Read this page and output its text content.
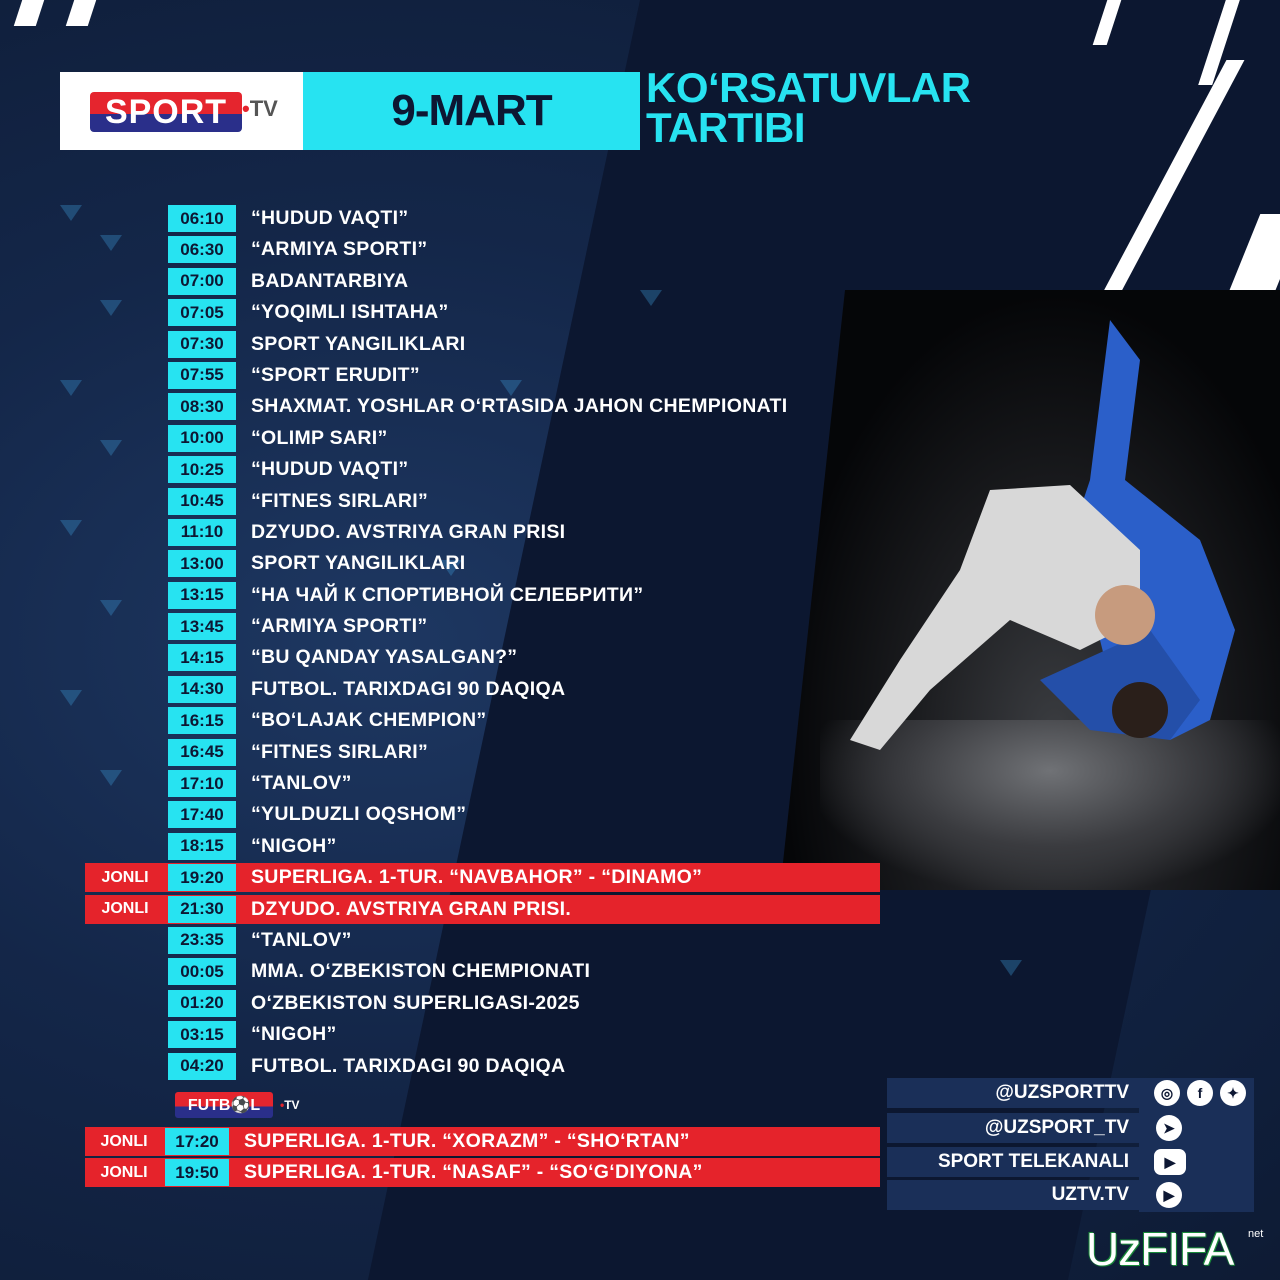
SPORT •TV	9-MART	KO‘RSATUVLAR
TARTIBI
06:10	“HUDUD VAQTI”
06:30	“ARMIYA SPORTI”
07:00	BADANTARBIYA
07:05	“YOQIMLI ISHTAHA”
07:30	SPORT YANGILIKLARI
07:55	“SPORT ERUDIT”
08:30	SHAXMAT. YOSHLAR O‘RTASIDA JAHON CHEMPIONATI
10:00	“OLIMP SARI”
10:25	“HUDUD VAQTI”
10:45	“FITNES SIRLARI”
11:10	DZYUDO. AVSTRIYA GRAN PRISI
13:00	SPORT YANGILIKLARI
13:15	“НА ЧАЙ К СПОРТИВНОЙ СЕЛЕБРИТИ”
13:45	“ARMIYA SPORTI”
14:15	“BU QANDAY YASALGAN?”
14:30	FUTBOL. TARIXDAGI 90 DAQIQA
16:15	“BO‘LAJAK CHEMPION”
16:45	“FITNES SIRLARI”
17:10	“TANLOV”
17:40	“YULDUZLI OQSHOM”
18:15	“NIGOH”
JONLI	19:20	SUPERLIGA. 1-TUR. “NAVBAHOR” - “DINAMO”
JONLI	21:30	DZYUDO. AVSTRIYA GRAN PRISI.
23:35	“TANLOV”
00:05	MMA. O‘ZBEKISTON CHEMPIONATI
01:20	O‘ZBEKISTON SUPERLIGASI-2025
03:15	“NIGOH”
04:20	FUTBOL. TARIXDAGI 90 DAQIQA
FUTB⚽L	•TV
JONLI	17:20	SUPERLIGA. 1-TUR. “XORAZM” - “SHO‘RTAN”
JONLI	19:50	SUPERLIGA. 1-TUR. “NASAF” - “SO‘G‘DIYONA”
@UZSPORTTV
@UZSPORT_TV
SPORT TELEKANALI
UZTV.TV
◎	f	✦
➤
▶
▶
UzFIFA net
